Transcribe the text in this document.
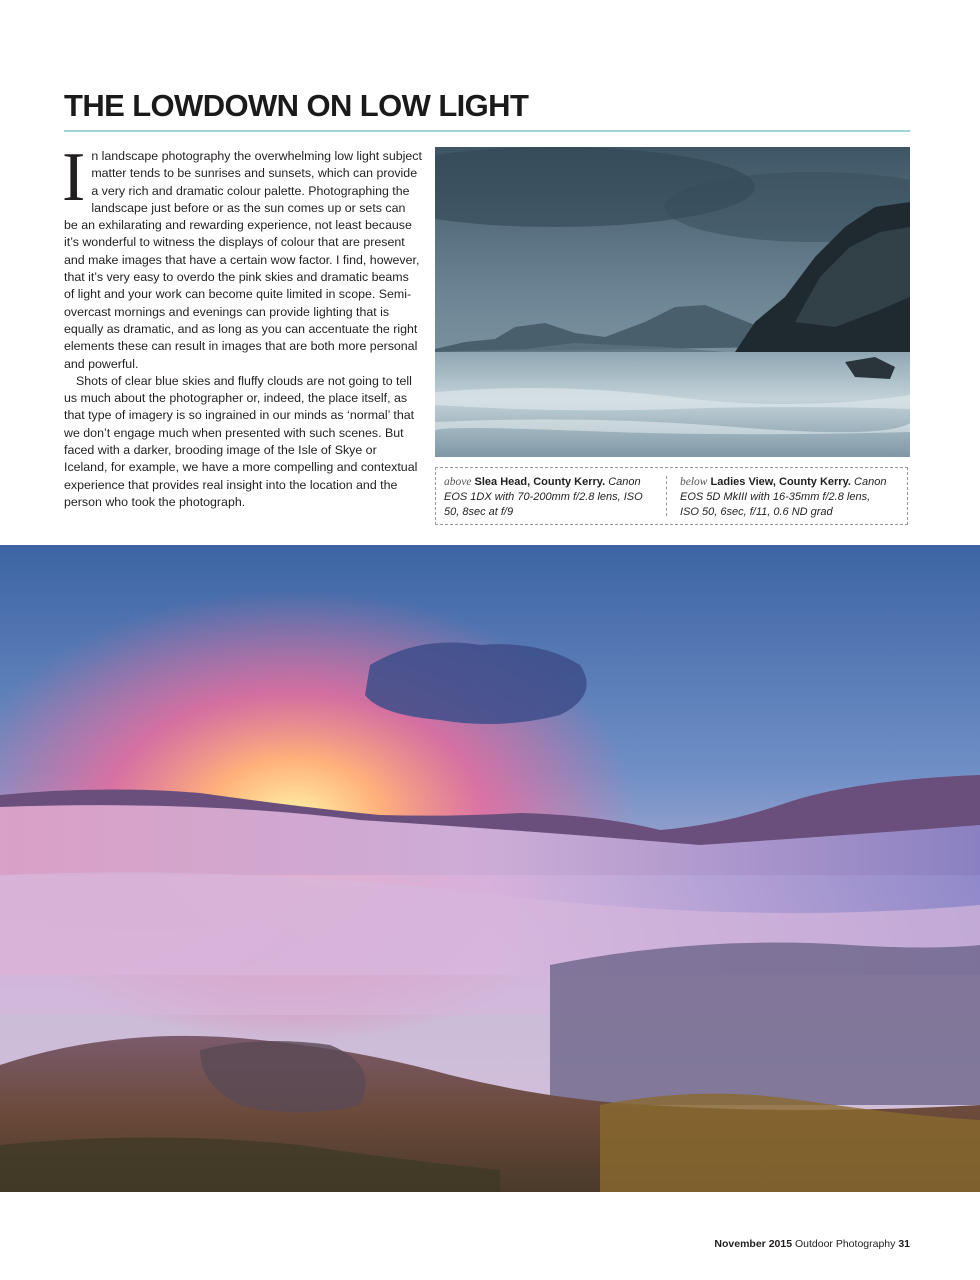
THE LOWDOWN ON LOW LIGHT

In landscape photography the overwhelming low light subject matter tends to be sunrises and sunsets, which can provide a very rich and dramatic colour palette. Photographing the landscape just before or as the sun comes up or sets can be an exhilarating and rewarding experience, not least because it’s wonderful to witness the displays of colour that are present and make images that have a certain wow factor. I find, however, that it’s very easy to overdo the pink skies and dramatic beams of light and your work can become quite limited in scope. Semi-overcast mornings and evenings can provide lighting that is equally as dramatic, and as long as you can accentuate the right elements these can result in images that are both more personal and powerful.

Shots of clear blue skies and fluffy clouds are not going to tell us much about the photographer or, indeed, the place itself, as that type of imagery is so ingrained in our minds as ‘normal’ that we don’t engage much when presented with such scenes. But faced with a darker, brooding image of the Isle of Skye or Iceland, for example, we have a more compelling and contextual experience that provides real insight into the location and the person who took the photograph.

above Slea Head, County Kerry. Canon EOS 1DX with 70-200mm f/2.8 lens, ISO 50, 8sec at f/9
below Ladies View, County Kerry. Canon EOS 5D MkIII with 16-35mm f/2.8 lens, ISO 50, 6sec, f/11, 0.6 ND grad
November 2015 Outdoor Photography 31
